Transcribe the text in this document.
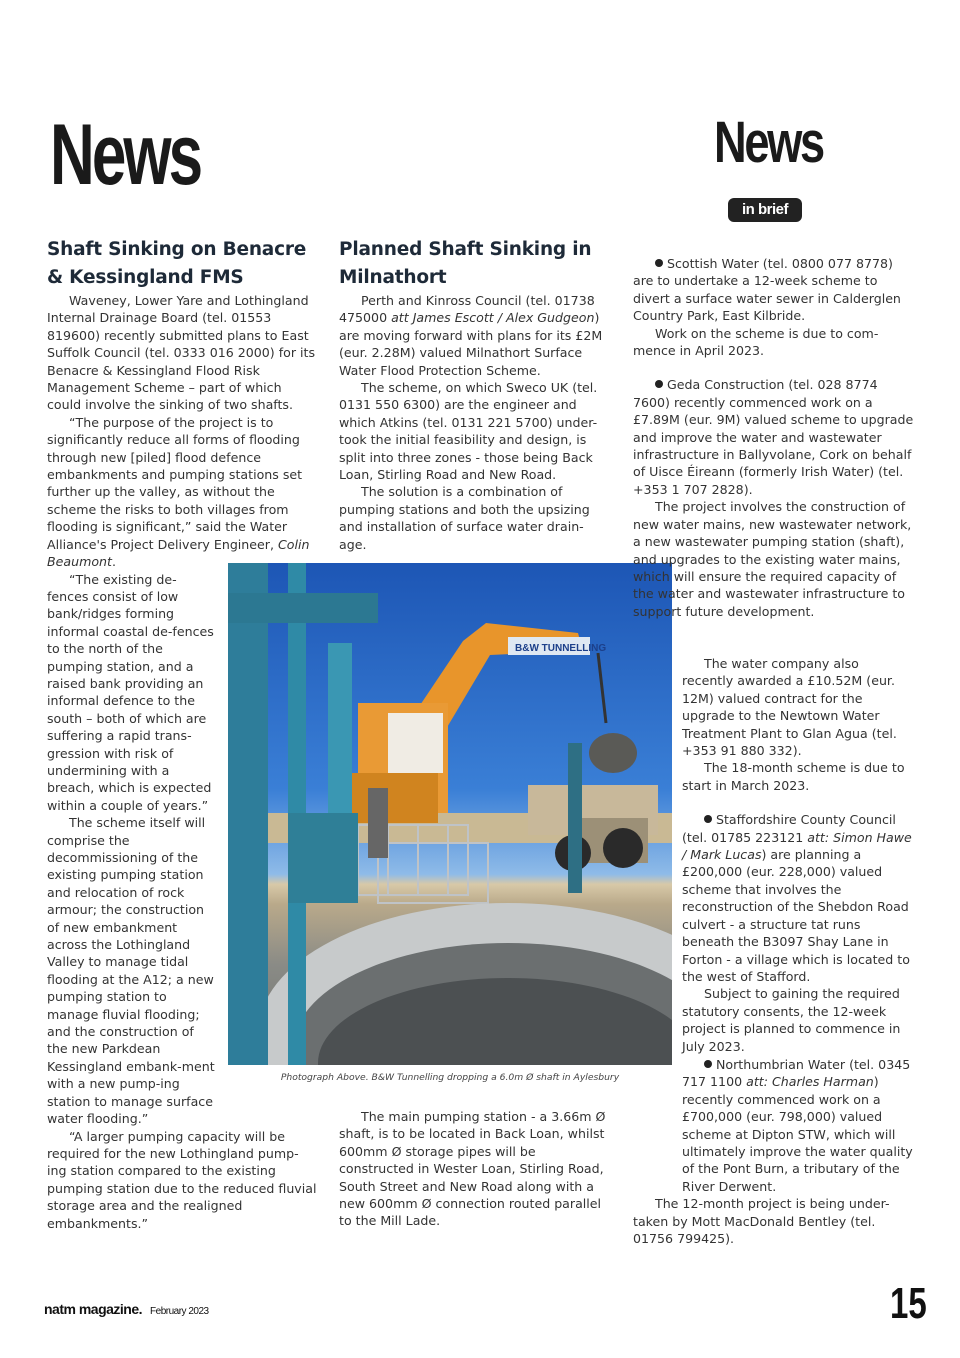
News	News
in brief
Shaft Sinking on Benacre & Kessingland FMS

Waveney, Lower Yare and Lothingland Internal Drainage Board (tel. 01553 819600) recently submitted plans to East Suffolk Council (tel. 0333 016 2000) for its Benacre & Kessingland Flood Risk Management Scheme – part of which could involve the sinking of two shafts.

“The purpose of the project is to significantly reduce all forms of flooding through new [piled] flood defence embankments and pumping stations set further up the valley, as without the scheme the risks to both villages from flooding is significant,” said the Water Alliance's Project Delivery Engineer, Colin Beaumont.

“The existing de-fences consist of low bank/ridges forming informal coastal de-fences to the north of the pumping station, and a raised bank providing an informal defence to the south – both of which are suffering a rapid trans-gression with risk of undermining with a breach, which is expected within a couple of years.”

The scheme itself will comprise the decommissioning of the existing pumping station and relocation of rock armour; the construction of new embankment across the Lothingland Valley to manage tidal flooding at the A12; a new pumping station to manage fluvial flooding; and the construction of the new Parkdean Kessingland embank-ment with a new pump-ing station to manage surface water flooding.”

“A larger pumping capacity will be required for the new Lothingland pump-ing station compared to the existing pumping station due to the reduced fluvial storage area and the realigned embankments.”

Planned Shaft Sinking in Milnathort

Perth and Kinross Council (tel. 01738 475000 att James Escott / Alex Gudgeon) are moving forward with plans for its £2M (eur. 2.28M) valued Milnathort Surface Water Flood Protection Scheme.

The scheme, on which Sweco UK (tel. 0131 550 6300) are the engineer and which Atkins (tel. 0131 221 5700) under-took the initial feasibility and design, is split into three zones - those being Back Loan, Stirling Road and New Road.

The solution is a combination of pumping stations and both the upsizing and installation of surface water drain-age.

The main pumping station - a 3.66m Ø shaft, is to be located in Back Loan, whilst 600mm Ø storage pipes will be constructed in Wester Loan, Stirling Road, South Street and New Road along with a new 600mm Ø connection routed parallel to the Mill Lade.

B&W TUNNELLING
Photograph Above. B&W Tunnelling dropping a 6.0m Ø shaft in Aylesbury

Scottish Water (tel. 0800 077 8778) are to undertake a 12-week scheme to divert a surface water sewer in Calderglen Country Park, East Kilbride.

Work on the scheme is due to com-mence in April 2023.

Geda Construction (tel. 028 8774 7600) recently commenced work on a £7.89M (eur. 9M) valued scheme to upgrade and improve the water and wastewater infrastructure in Ballyvolane, Cork on behalf of Uisce Éireann (formerly Irish Water) (tel. +353 1 707 2828).

The project involves the construction of new water mains, new wastewater network, a new wastewater pumping station (shaft), and upgrades to the existing water mains, which will ensure the required capacity of the water and wastewater infrastructure to support future development.

The water company also recently awarded a £10.52M (eur. 12M) valued contract for the upgrade to the Newtown Water Treatment Plant to Glan Agua (tel. +353 91 880 332).

The 18-month scheme is due to start in March 2023.

Staffordshire County Council (tel. 01785 223121 att: Simon Hawe / Mark Lucas) are planning a £200,000 (eur. 228,000) valued scheme that involves the reconstruction of the Shebdon Road culvert - a structure tat runs beneath the B3097 Shay Lane in Forton - a village which is located to the west of Stafford.

Subject to gaining the required statutory consents, the 12-week project is planned to commence in July 2023.

Northumbrian Water (tel. 0345 717 1100 att: Charles Harman) recently commenced work on a £700,000 (eur. 798,000) valued scheme at Dipton STW, which will ultimately improve the water quality of the Pont Burn, a tributary of the River Derwent.

The 12-month project is being under-taken by Mott MacDonald Bentley (tel. 01756 799425).

natm magazine. February 2023	15
